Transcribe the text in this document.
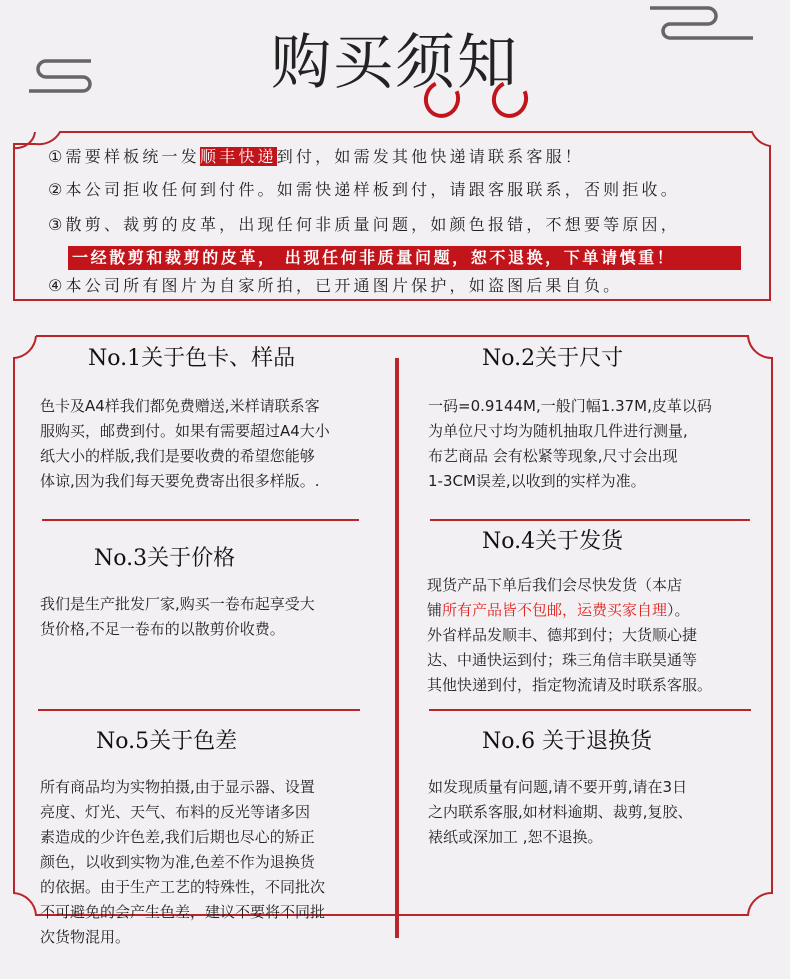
购买须知
①需要样板统一发顺丰快递到付，如需发其他快递请联系客服！
②本公司拒收任何到付件。如需快递样板到付，请跟客服联系，否则拒收。
③散剪、裁剪的皮革，出现任何非质量问题，如颜色报错，不想要等原因，
一经散剪和裁剪的皮革， 出现任何非质量问题，恕不退换，下单请慎重！
④本公司所有图片为自家所拍，已开通图片保护，如盗图后果自负。
No.1关于色卡、样品
色卡及A4样我们都免费赠送,米样请联系客
服购买，邮费到付。如果有需要超过A4大小
纸大小的样版,我们是要收费的希望您能够
体谅,因为我们每天要免费寄出很多样版。.
No.2关于尺寸
一码=0.9144M,一般门幅1.37M,皮革以码
为单位尺寸均为随机抽取几件进行测量,
布艺商品 会有松紧等现象,尺寸会出现
1-3CM误差,以收到的实样为准。
No.3关于价格
我们是生产批发厂家,购买一卷布起享受大
货价格,不足一卷布的以散剪价收费。
No.4关于发货
现货产品下单后我们会尽快发货（本店
铺所有产品皆不包邮，运费买家自理）。
外省样品发顺丰、德邦到付；大货顺心捷
达、中通快运到付；珠三角信丰联昊通等
其他快递到付，指定物流请及时联系客服。
No.5关于色差
所有商品均为实物拍摄,由于显示器、设置
亮度、灯光、天气、布料的反光等诸多因
素造成的少许色差,我们后期也尽心的矫正
颜色，以收到实物为准,色差不作为退换货
的依据。由于生产工艺的特殊性，不同批次
不可避免的会产生色差，建议不要将不同批
次货物混用。
No.6 关于退换货
如发现质量有问题,请不要开剪,请在3日
之内联系客服,如材料逾期、裁剪,复胶、
裱纸或深加工 ,恕不退换。
